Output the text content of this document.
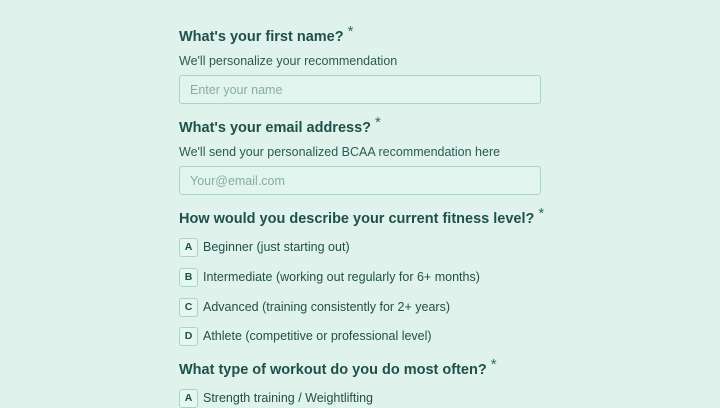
What's your first name? *
We'll personalize your recommendation
Enter your name
What's your email address? *
We'll send your personalized BCAA recommendation here
Your@email.com
How would you describe your current fitness level? *
A Beginner (just starting out)
B Intermediate (working out regularly for 6+ months)
C Advanced (training consistently for 2+ years)
D Athlete (competitive or professional level)
What type of workout do you do most often? *
A Strength training / Weightlifting
